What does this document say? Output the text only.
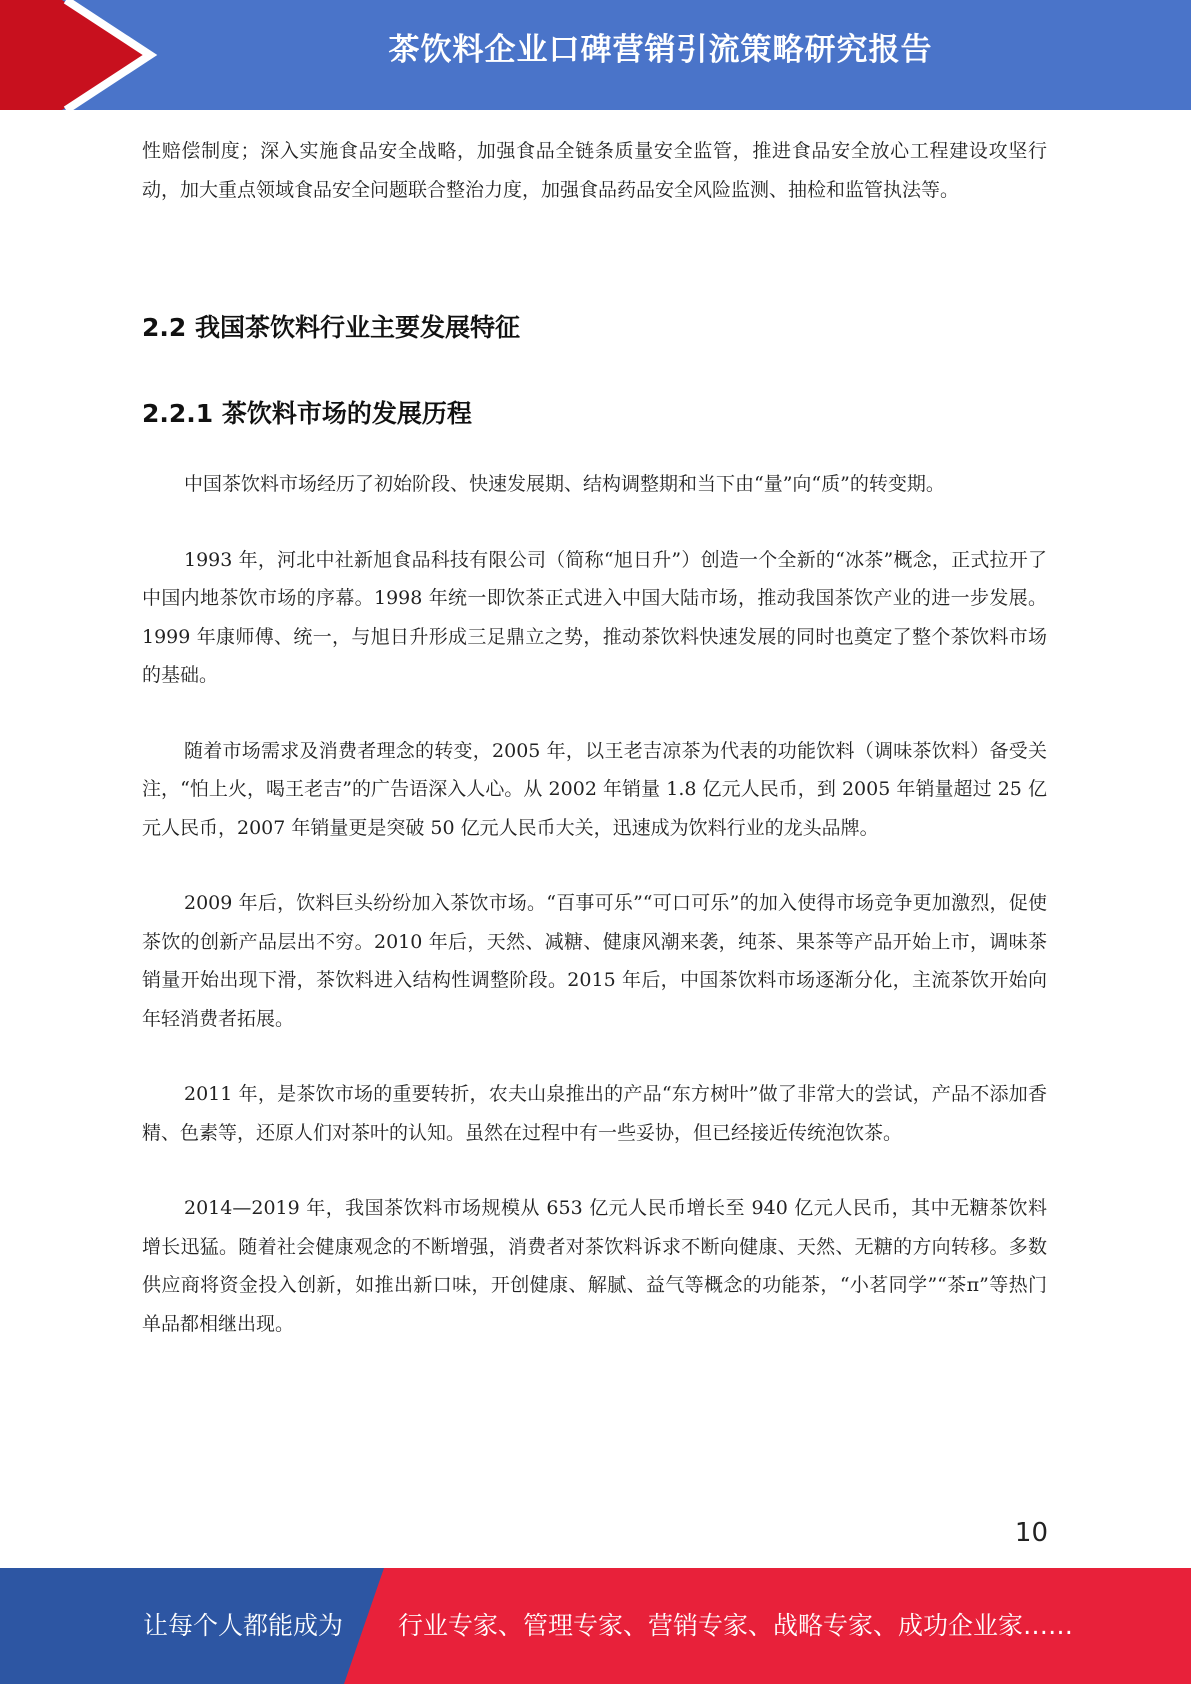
茶饮料企业口碑营销引流策略研究报告

性赔偿制度；深入实施食品安全战略，加强食品全链条质量安全监管，推进食品安全放心工程建设攻坚行动，加大重点领域食品安全问题联合整治力度，加强食品药品安全风险监测、抽检和监管执法等。

2.2 我国茶饮料行业主要发展特征
2.2.1 茶饮料市场的发展历程

中国茶饮料市场经历了初始阶段、快速发展期、结构调整期和当下由“量”向“质”的转变期。

1993 年，河北中社新旭食品科技有限公司（简称“旭日升”）创造一个全新的“冰茶”概念，正式拉开了中国内地茶饮市场的序幕。1998 年统一即饮茶正式进入中国大陆市场，推动我国茶饮产业的进一步发展。1999 年康师傅、统一，与旭日升形成三足鼎立之势，推动茶饮料快速发展的同时也奠定了整个茶饮料市场的基础。

随着市场需求及消费者理念的转变，2005 年，以王老吉凉茶为代表的功能饮料（调味茶饮料）备受关注，“怕上火，喝王老吉”的广告语深入人心。从 2002 年销量 1.8 亿元人民币，到 2005 年销量超过 25 亿元人民币，2007 年销量更是突破 50 亿元人民币大关，迅速成为饮料行业的龙头品牌。

2009 年后，饮料巨头纷纷加入茶饮市场。“百事可乐”“可口可乐”的加入使得市场竞争更加激烈，促使茶饮的创新产品层出不穷。2010 年后，天然、减糖、健康风潮来袭，纯茶、果茶等产品开始上市，调味茶销量开始出现下滑，茶饮料进入结构性调整阶段。2015 年后，中国茶饮料市场逐渐分化，主流茶饮开始向年轻消费者拓展。

2011 年，是茶饮市场的重要转折，农夫山泉推出的产品“东方树叶”做了非常大的尝试，产品不添加香精、色素等，还原人们对茶叶的认知。虽然在过程中有一些妥协，但已经接近传统泡饮茶。

2014—2019 年，我国茶饮料市场规模从 653 亿元人民币增长至 940 亿元人民币，其中无糖茶饮料增长迅猛。随着社会健康观念的不断增强，消费者对茶饮料诉求不断向健康、天然、无糖的方向转移。多数供应商将资金投入创新，如推出新口味，开创健康、解腻、益气等概念的功能茶，“小茗同学”“茶π”等热门单品都相继出现。

10
让每个人都能成为 行业专家、管理专家、营销专家、战略专家、成功企业家……
